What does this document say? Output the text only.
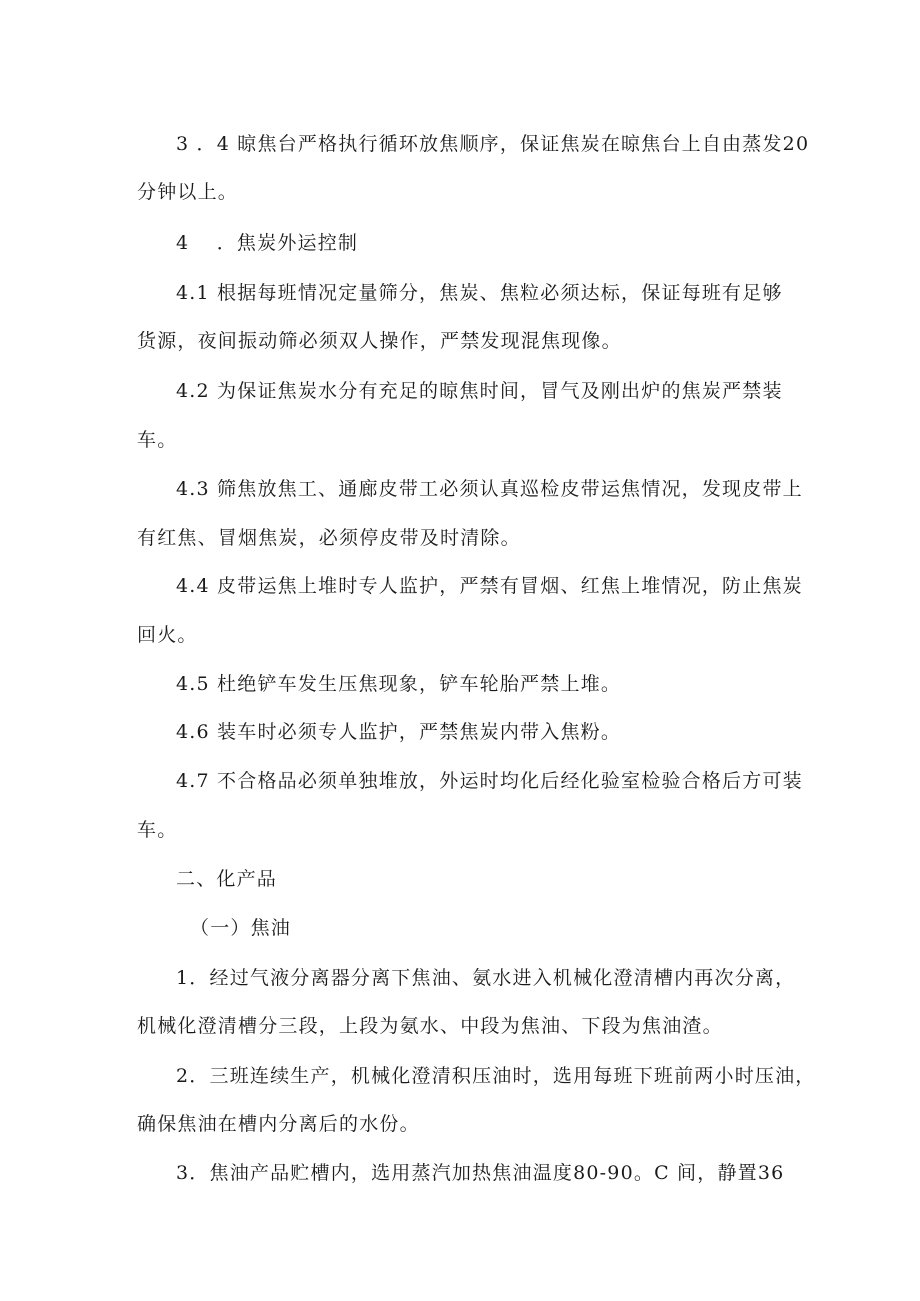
3 ．4 晾焦台严格执行循环放焦顺序，保证焦炭在晾焦台上自由蒸发20
分钟以上。
4 　．焦炭外运控制
4.1 根据每班情况定量筛分，焦炭、焦粒必须达标，保证每班有足够
货源，夜间振动筛必须双人操作，严禁发现混焦现像。
4.2 为保证焦炭水分有充足的晾焦时间，冒气及刚出炉的焦炭严禁装
车。
4.3 筛焦放焦工、通廊皮带工必须认真巡检皮带运焦情况，发现皮带上
有红焦、冒烟焦炭，必须停皮带及时清除。
4.4 皮带运焦上堆时专人监护，严禁有冒烟、红焦上堆情况，防止焦炭
回火。
4.5 杜绝铲车发生压焦现象，铲车轮胎严禁上堆。
4.6 装车时必须专人监护，严禁焦炭内带入焦粉。
4.7 不合格品必须单独堆放，外运时均化后经化验室检验合格后方可装
车。
二、化产品
（一）焦油
1．经过气液分离器分离下焦油、氨水进入机械化澄清槽内再次分离，
机械化澄清槽分三段，上段为氨水、中段为焦油、下段为焦油渣。
2．三班连续生产，机械化澄清积压油时，选用每班下班前两小时压油，
确保焦油在槽内分离后的水份。
3．焦油产品贮槽内，选用蒸汽加热焦油温度80-90。C 间，静置36
